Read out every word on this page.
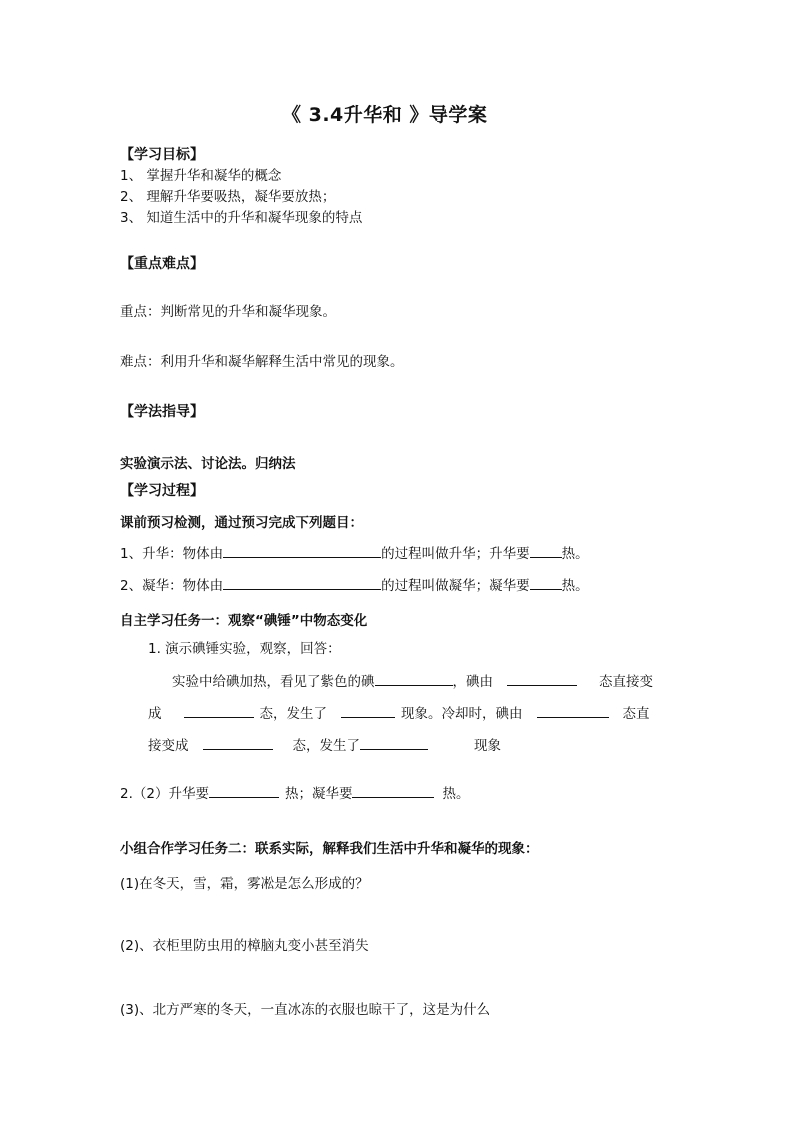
《 3.4升华和 》导学案
【学习目标】
1、 掌握升华和凝华的概念
2、 理解升华要吸热，凝华要放热；
3、 知道生活中的升华和凝华现象的特点
【重点难点】
重点：判断常见的升华和凝华现象。
难点：利用升华和凝华解释生活中常见的现象。
【学法指导】
实验演示法、讨论法。归纳法
【学习过程】
课前预习检测，通过预习完成下列题目：
1、升华：物体由	的过程叫做升华；升华要 热。
2、凝华：物体由	的过程叫做凝华；凝华要 热。
自主学习任务一：观察“碘锤”中物态变化
1. 演示碘锤实验，观察，回答：
实验中给碘加热，看见了紫色的碘	，碘由	态直接变
成	态，发生了	现象。冷却时，碘由	态直
接变成	态，发生了	现象
2.（2）升华要	热；凝华要	热。
小组合作学习任务二：联系实际，解释我们生活中升华和凝华的现象：
(1)在冬天，雪，霜，雾凇是怎么形成的？
(2)、衣柜里防虫用的樟脑丸变小甚至消失
(3)、北方严寒的冬天，一直冰冻的衣服也晾干了，这是为什么
